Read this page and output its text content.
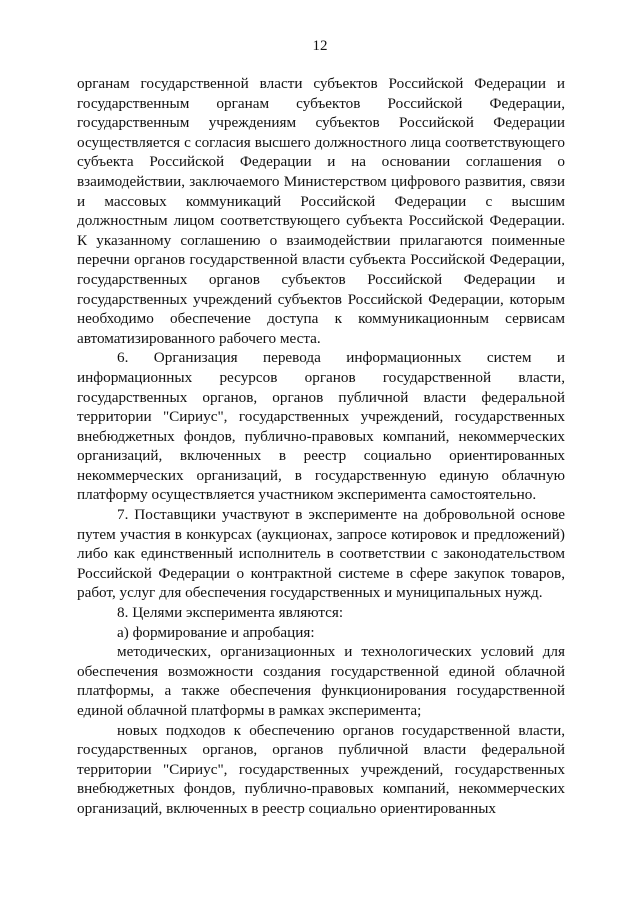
12

органам государственной власти субъектов Российской Федерации и государственным органам субъектов Российской Федерации, государственным учреждениям субъектов Российской Федерации осуществляется с согласия высшего должностного лица соответствующего субъекта Российской Федерации и на основании соглашения о взаимодействии, заключаемого Министерством цифрового развития, связи и массовых коммуникаций Российской Федерации с высшим должностным лицом соответствующего субъекта Российской Федерации. К указанному соглашению о взаимодействии прилагаются поименные перечни органов государственной власти субъекта Российской Федерации, государственных органов субъектов Российской Федерации и государственных учреждений субъектов Российской Федерации, которым необходимо обеспечение доступа к коммуникационным сервисам автоматизированного рабочего места.

6. Организация перевода информационных систем и информационных ресурсов органов государственной власти, государственных органов, органов публичной власти федеральной территории "Сириус", государственных учреждений, государственных внебюджетных фондов, публично-правовых компаний, некоммерческих организаций, включенных в реестр социально ориентированных некоммерческих организаций, в государственную единую облачную платформу осуществляется участником эксперимента самостоятельно.

7. Поставщики участвуют в эксперименте на добровольной основе путем участия в конкурсах (аукционах, запросе котировок и предложений) либо как единственный исполнитель в соответствии с законодательством Российской Федерации о контрактной системе в сфере закупок товаров, работ, услуг для обеспечения государственных и муниципальных нужд.

8. Целями эксперимента являются:

а) формирование и апробация:

методических, организационных и технологических условий для обеспечения возможности создания государственной единой облачной платформы, а также обеспечения функционирования государственной единой облачной платформы в рамках эксперимента;

новых подходов к обеспечению органов государственной власти, государственных органов, органов публичной власти федеральной территории "Сириус", государственных учреждений, государственных внебюджетных фондов, публично-правовых компаний, некоммерческих организаций, включенных в реестр социально ориентированных
